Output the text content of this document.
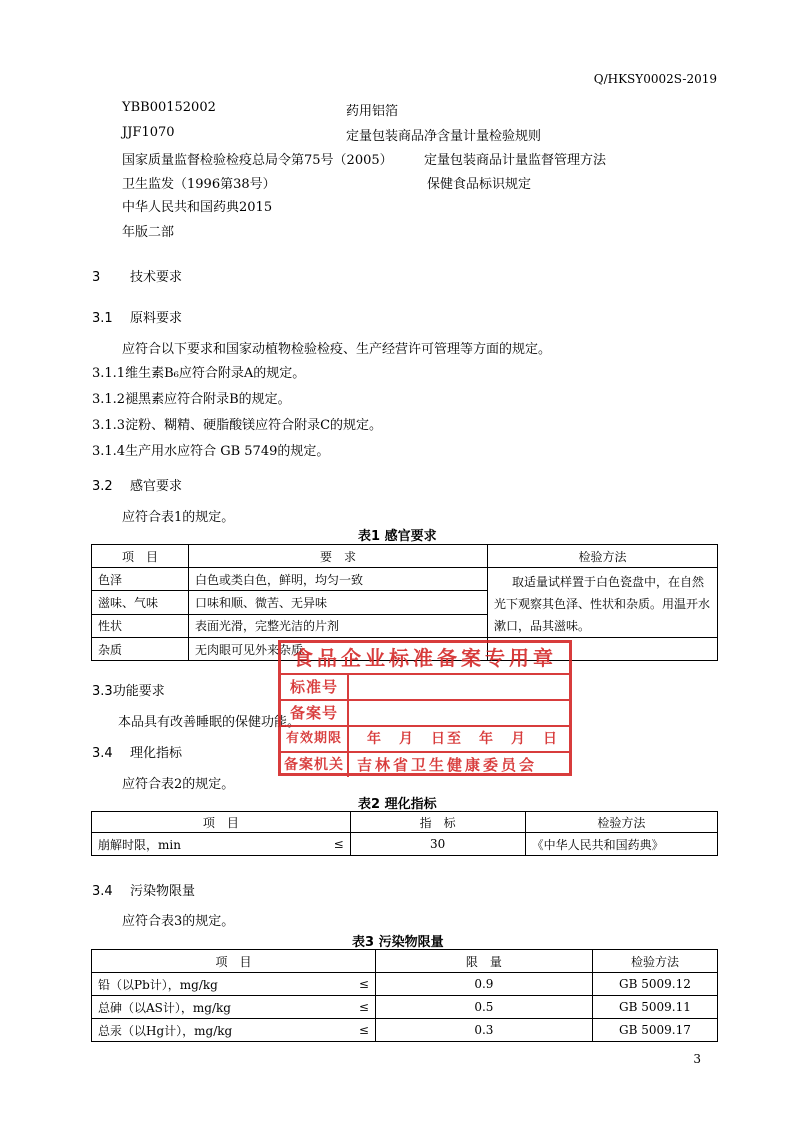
Q/HKSY0002S-2019
YBB00152002	药用铝箔
JJF1070	定量包装商品净含量计量检验规则
国家质量监督检验检疫总局令第75号（2005） 定量包装商品计量监督管理方法
卫生监发（1996第38号）	保健食品标识规定
中华人民共和国药典2015
年版二部
3 技术要求
3.1 原料要求
应符合以下要求和国家动植物检验检疫、生产经营许可管理等方面的规定。
3.1.1维生素B₆应符合附录A的规定。
3.1.2褪黑素应符合附录B的规定。
3.1.3淀粉、糊精、硬脂酸镁应符合附录C的规定。
3.1.4生产用水应符合 GB 5749的规定。
3.2 感官要求
应符合表1的规定。
表1 感官要求
项　目	要　求	检验方法
色泽	白色或类白色，鲜明，均匀一致	取适量试样置于白色瓷盘中，在自然
光下观察其色泽、性状和杂质。用温开水
漱口，品其滋味。

滋味、气味	口味和顺、微苦、无异味	
性状	表面光滑，完整光洁的片剂	
杂质	无肉眼可见外来杂质	
3.3功能要求
本品具有改善睡眠的保健功能。
3.4 理化指标
应符合表2的规定。
表2 理化指标
项　目		指　标	检验方法
崩解时限，min	≤	30	《中华人民共和国药典》
3.4 污染物限量
应符合表3的规定。
表3 污染物限量
项　目		限　量	检验方法
铅（以Pb计），mg/kg	≤	0.9	GB 5009.12
总砷（以AS计），mg/kg	≤	0.5	GB 5009.11
总汞（以Hg计），mg/kg	≤	0.3	GB 5009.17
食品企业标准备案专用章
标准号
备案号
有效期限	年　月　日至　年　月　日
备案机关 吉林省卫生健康委员会
3
